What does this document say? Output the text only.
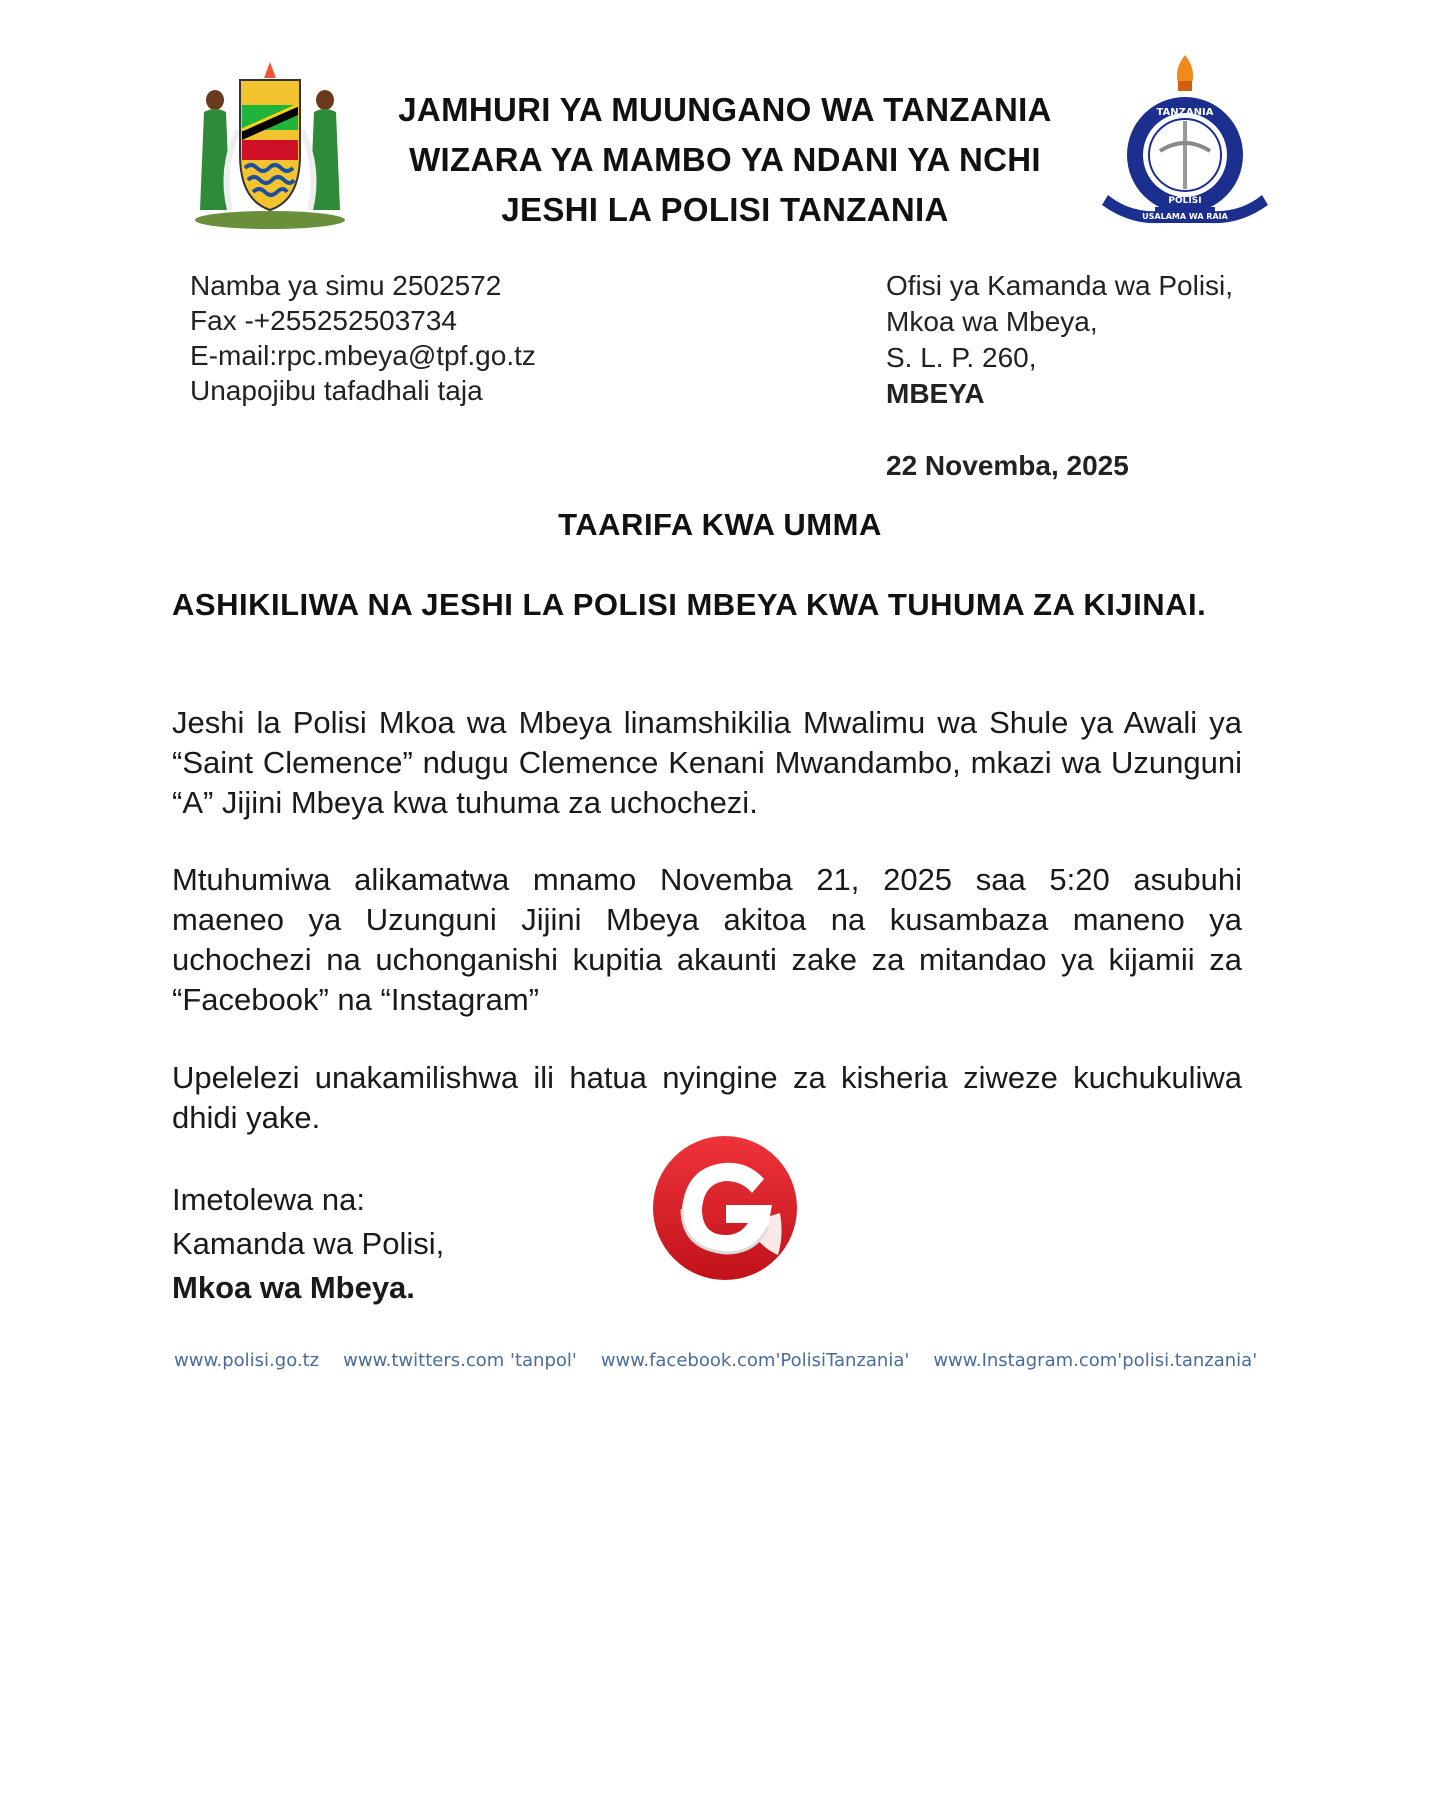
JAMHURI YA MUUNGANO WA TANZANIA
WIZARA YA MAMBO YA NDANI YA NCHI
JESHI LA POLISI TANZANIA
TANZANIA
POLISI
USALAMA WA RAIA
Namba ya simu 2502572
Fax -+255252503734
E-mail:rpc.mbeya@tpf.go.tz
Unapojibu tafadhali taja
Ofisi ya Kamanda wa Polisi,
Mkoa wa Mbeya,
S. L. P. 260,
MBEYA
22 Novemba, 2025
TAARIFA KWA UMMA
ASHIKILIWA NA JESHI LA POLISI MBEYA KWA TUHUMA ZA KIJINAI.
Jeshi la Polisi Mkoa wa Mbeya linamshikilia Mwalimu wa Shule ya Awali ya “Saint Clemence” ndugu Clemence Kenani Mwandambo, mkazi wa Uzunguni “A” Jijini Mbeya kwa tuhuma za uchochezi.
Mtuhumiwa alikamatwa mnamo Novemba 21, 2025 saa 5:20 asubuhi maeneo ya Uzunguni Jijini Mbeya akitoa na kusambaza maneno ya uchochezi na uchonganishi kupitia akaunti zake za mitandao ya kijamii za “Facebook” na “Instagram”
Upelelezi unakamilishwa ili hatua nyingine za kisheria ziweze kuchukuliwa dhidi yake.
Imetolewa na:
Kamanda wa Polisi,
Mkoa wa Mbeya.
www.polisi.go.tz www.twitters.com 'tanpol' www.facebook.com'PolisiTanzania' www.Instagram.com'polisi.tanzania'
